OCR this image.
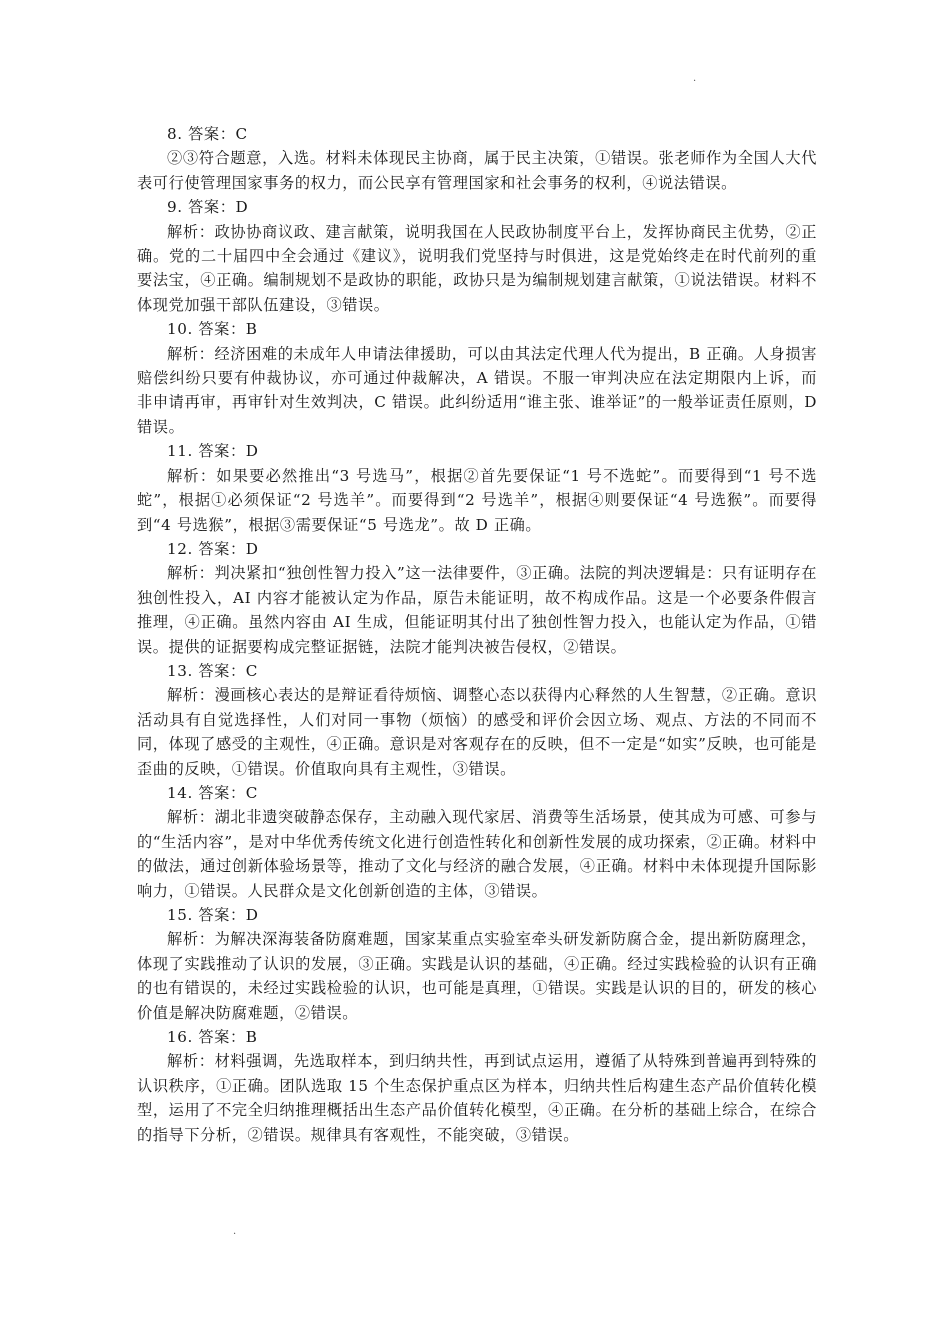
.

8. 答案：C

②③符合题意，入选。材料未体现民主协商，属于民主决策，①错误。张老师作为全国人大代表可行使管理国家事务的权力，而公民享有管理国家和社会事务的权利，④说法错误。

9. 答案：D

解析：政协协商议政、建言献策，说明我国在人民政协制度平台上，发挥协商民主优势，②正确。党的二十届四中全会通过《建议》，说明我们党坚持与时俱进，这是党始终走在时代前列的重要法宝，④正确。编制规划不是政协的职能，政协只是为编制规划建言献策，①说法错误。材料不体现党加强干部队伍建设，③错误。

10. 答案：B

解析：经济困难的未成年人申请法律援助，可以由其法定代理人代为提出，B 正确。人身损害赔偿纠纷只要有仲裁协议，亦可通过仲裁解决，A 错误。不服一审判决应在法定期限内上诉，而非申请再审，再审针对生效判决，C 错误。此纠纷适用“谁主张、谁举证”的一般举证责任原则，D 错误。

11. 答案：D

解析：如果要必然推出“3 号选马”，根据②首先要保证“1 号不选蛇”。而要得到“1 号不选蛇”，根据①必须保证“2 号选羊”。而要得到“2 号选羊”，根据④则要保证“4 号选猴”。而要得到“4 号选猴”，根据③需要保证“5 号选龙”。故 D 正确。

12. 答案：D

解析：判决紧扣“独创性智力投入”这一法律要件，③正确。法院的判决逻辑是：只有证明存在独创性投入，AI 内容才能被认定为作品，原告未能证明，故不构成作品。这是一个必要条件假言推理，④正确。虽然内容由 AI 生成，但能证明其付出了独创性智力投入，也能认定为作品，①错误。提供的证据要构成完整证据链，法院才能判决被告侵权，②错误。

13. 答案：C

解析：漫画核心表达的是辩证看待烦恼、调整心态以获得内心释然的人生智慧，②正确。意识活动具有自觉选择性，人们对同一事物（烦恼）的感受和评价会因立场、观点、方法的不同而不同，体现了感受的主观性，④正确。意识是对客观存在的反映，但不一定是“如实”反映，也可能是歪曲的反映，①错误。价值取向具有主观性，③错误。

14. 答案：C

解析：湖北非遗突破静态保存，主动融入现代家居、消费等生活场景，使其成为可感、可参与的“生活内容”，是对中华优秀传统文化进行创造性转化和创新性发展的成功探索，②正确。材料中的做法，通过创新体验场景等，推动了文化与经济的融合发展，④正确。材料中未体现提升国际影响力，①错误。人民群众是文化创新创造的主体，③错误。

15. 答案：D

解析：为解决深海装备防腐难题，国家某重点实验室牵头研发新防腐合金，提出新防腐理念，体现了实践推动了认识的发展，③正确。实践是认识的基础，④正确。经过实践检验的认识有正确的也有错误的，未经过实践检验的认识，也可能是真理，①错误。实践是认识的目的，研发的核心价值是解决防腐难题，②错误。

16. 答案：B

解析：材料强调，先选取样本，到归纳共性，再到试点运用，遵循了从特殊到普遍再到特殊的认识秩序，①正确。团队选取 15 个生态保护重点区为样本，归纳共性后构建生态产品价值转化模型，运用了不完全归纳推理概括出生态产品价值转化模型，④正确。在分析的基础上综合，在综合的指导下分析，②错误。规律具有客观性，不能突破，③错误。

.
